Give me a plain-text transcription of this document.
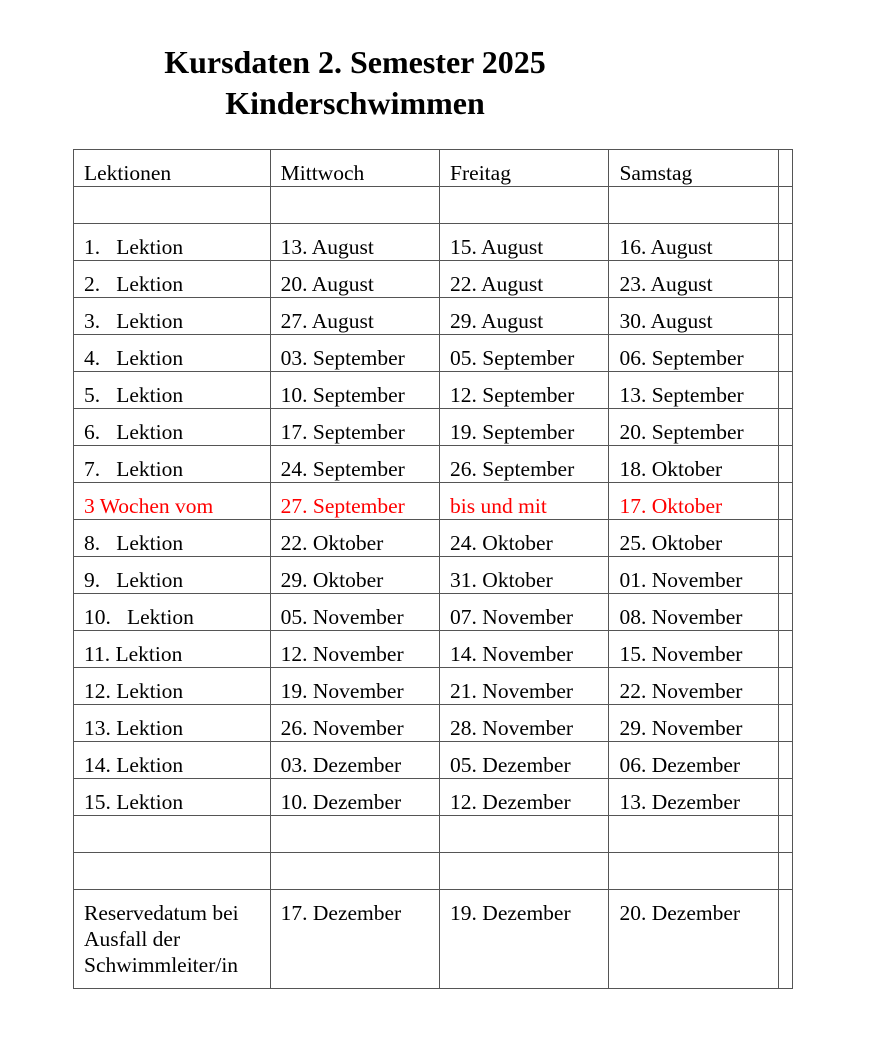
Kursdaten 2. Semester 2025
Kinderschwimmen
Lektionen	Mittwoch	Freitag	Samstag	

1.   Lektion	13. August	15. August	16. August	
2.   Lektion	20. August	22. August	23. August	
3.   Lektion	27. August	29. August	30. August	
4.   Lektion	03. September	05. September	06. September	
5.   Lektion	10. September	12. September	13. September	
6.   Lektion	17. September	19. September	20. September	
7.   Lektion	24. September	26. September	18. Oktober	
3 Wochen vom	27. September	bis und mit	17. Oktober	
8.   Lektion	22. Oktober	24. Oktober	25. Oktober	
9.   Lektion	29. Oktober	31. Oktober	01. November	
10.   Lektion	05. November	07. November	08. November	
11. Lektion	12. November	14. November	15. November	
12. Lektion	19. November	21. November	22. November	
13. Lektion	26. November	28. November	29. November	
14. Lektion	03. Dezember	05. Dezember	06. Dezember	
15. Lektion	10. Dezember	12. Dezember	13. Dezember	

Reservedatum bei Ausfall der Schwimmleiter/in	17. Dezember	19. Dezember	20. Dezember	
